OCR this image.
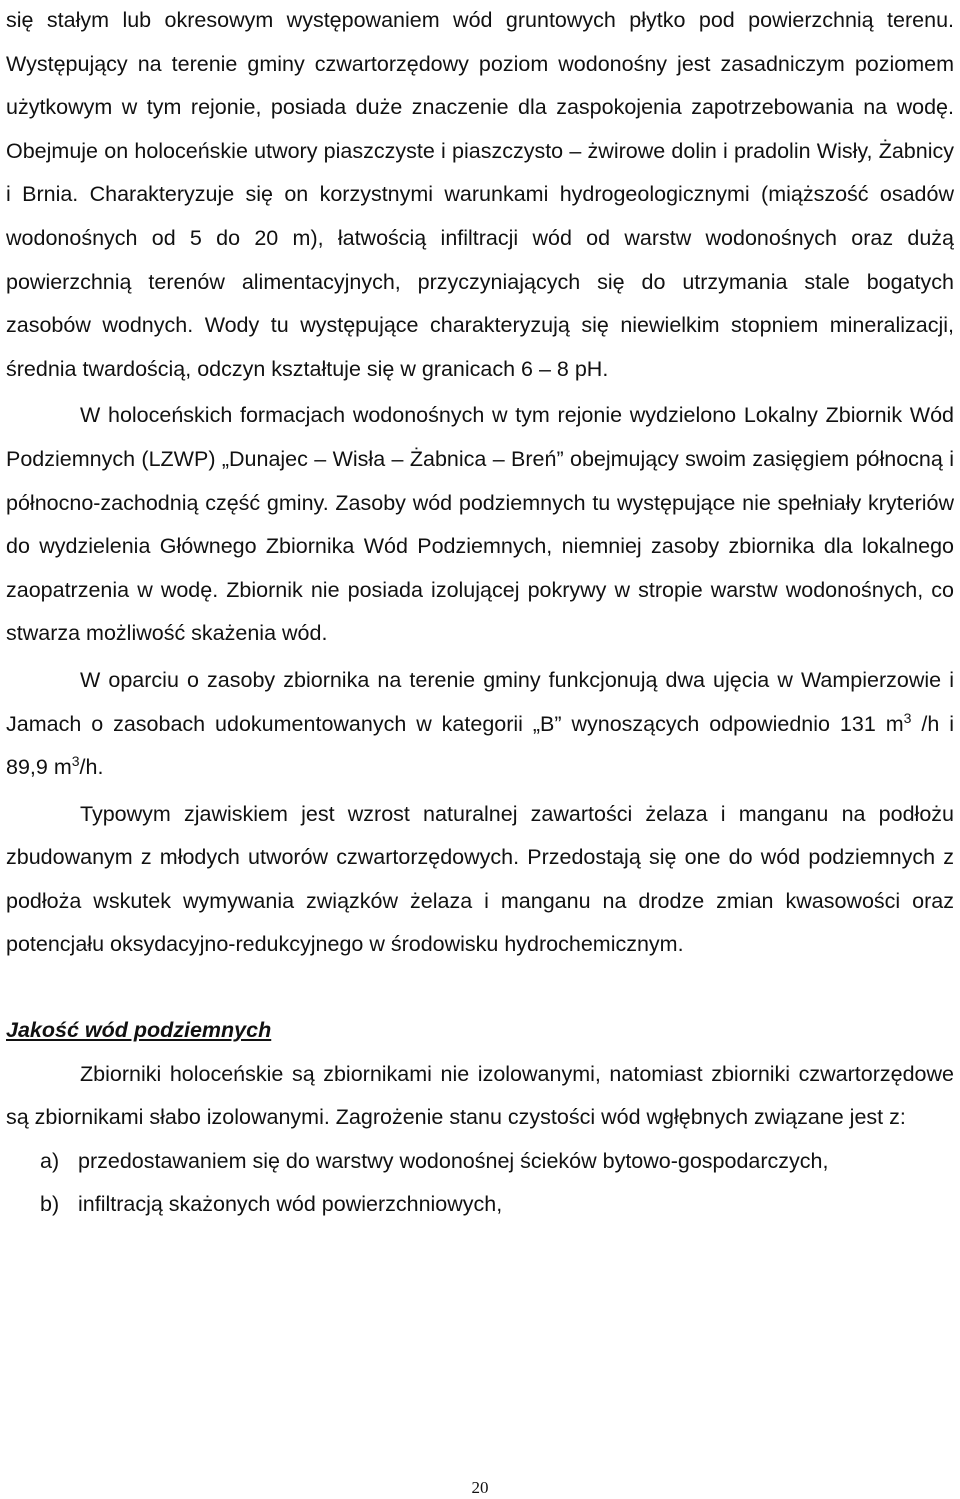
się stałym lub okresowym występowaniem wód gruntowych płytko pod powierzchnią terenu. Występujący na terenie gminy czwartorzędowy poziom wodonośny jest zasadniczym poziomem użytkowym w tym rejonie, posiada duże znaczenie dla zaspokojenia zapotrzebowania na wodę. Obejmuje on holoceńskie utwory piaszczyste i piaszczysto – żwirowe dolin i pradolin Wisły, Żabnicy i Brnia. Charakteryzuje się on korzystnymi warunkami hydrogeologicznymi (miąższość osadów wodonośnych od 5 do 20 m), łatwością infiltracji wód od warstw wodonośnych oraz dużą powierzchnią terenów alimentacyjnych, przyczyniających się do utrzymania stale bogatych zasobów wodnych. Wody tu występujące charakteryzują się niewielkim stopniem mineralizacji, średnia twardością, odczyn kształtuje się w granicach 6 – 8 pH.

W holoceńskich formacjach wodonośnych w tym rejonie wydzielono Lokalny Zbiornik Wód Podziemnych (LZWP) „Dunajec – Wisła – Żabnica – Breń” obejmujący swoim zasięgiem północną i północno-zachodnią część gminy. Zasoby wód podziemnych tu występujące nie spełniały kryteriów do wydzielenia Głównego Zbiornika Wód Podziemnych, niemniej zasoby zbiornika dla lokalnego zaopatrzenia w wodę. Zbiornik nie posiada izolującej pokrywy w stropie warstw wodonośnych, co stwarza możliwość skażenia wód.

W oparciu o zasoby zbiornika na terenie gminy funkcjonują dwa ujęcia w Wampierzowie i Jamach o zasobach udokumentowanych w kategorii „B” wynoszących odpowiednio 131 $m^3$ /h i 89,9 $m^3/h$.

Typowym zjawiskiem jest wzrost naturalnej zawartości żelaza i manganu na podłożu zbudowanym z młodych utworów czwartorzędowych. Przedostają się one do wód podziemnych z podłoża wskutek wymywania związków żelaza i manganu na drodze zmian kwasowości oraz potencjału oksydacyjno-redukcyjnego w środowisku hydrochemicznym.

Jakość wód podziemnych

Zbiorniki holoceńskie są zbiornikami nie izolowanymi, natomiast zbiorniki czwartorzędowe są zbiornikami słabo izolowanymi. Zagrożenie stanu czystości wód wgłębnych związane jest z:

a) przedostawaniem się do warstwy wodonośnej ścieków bytowo-gospodarczych,
b) infiltracją skażonych wód powierzchniowych,
20
